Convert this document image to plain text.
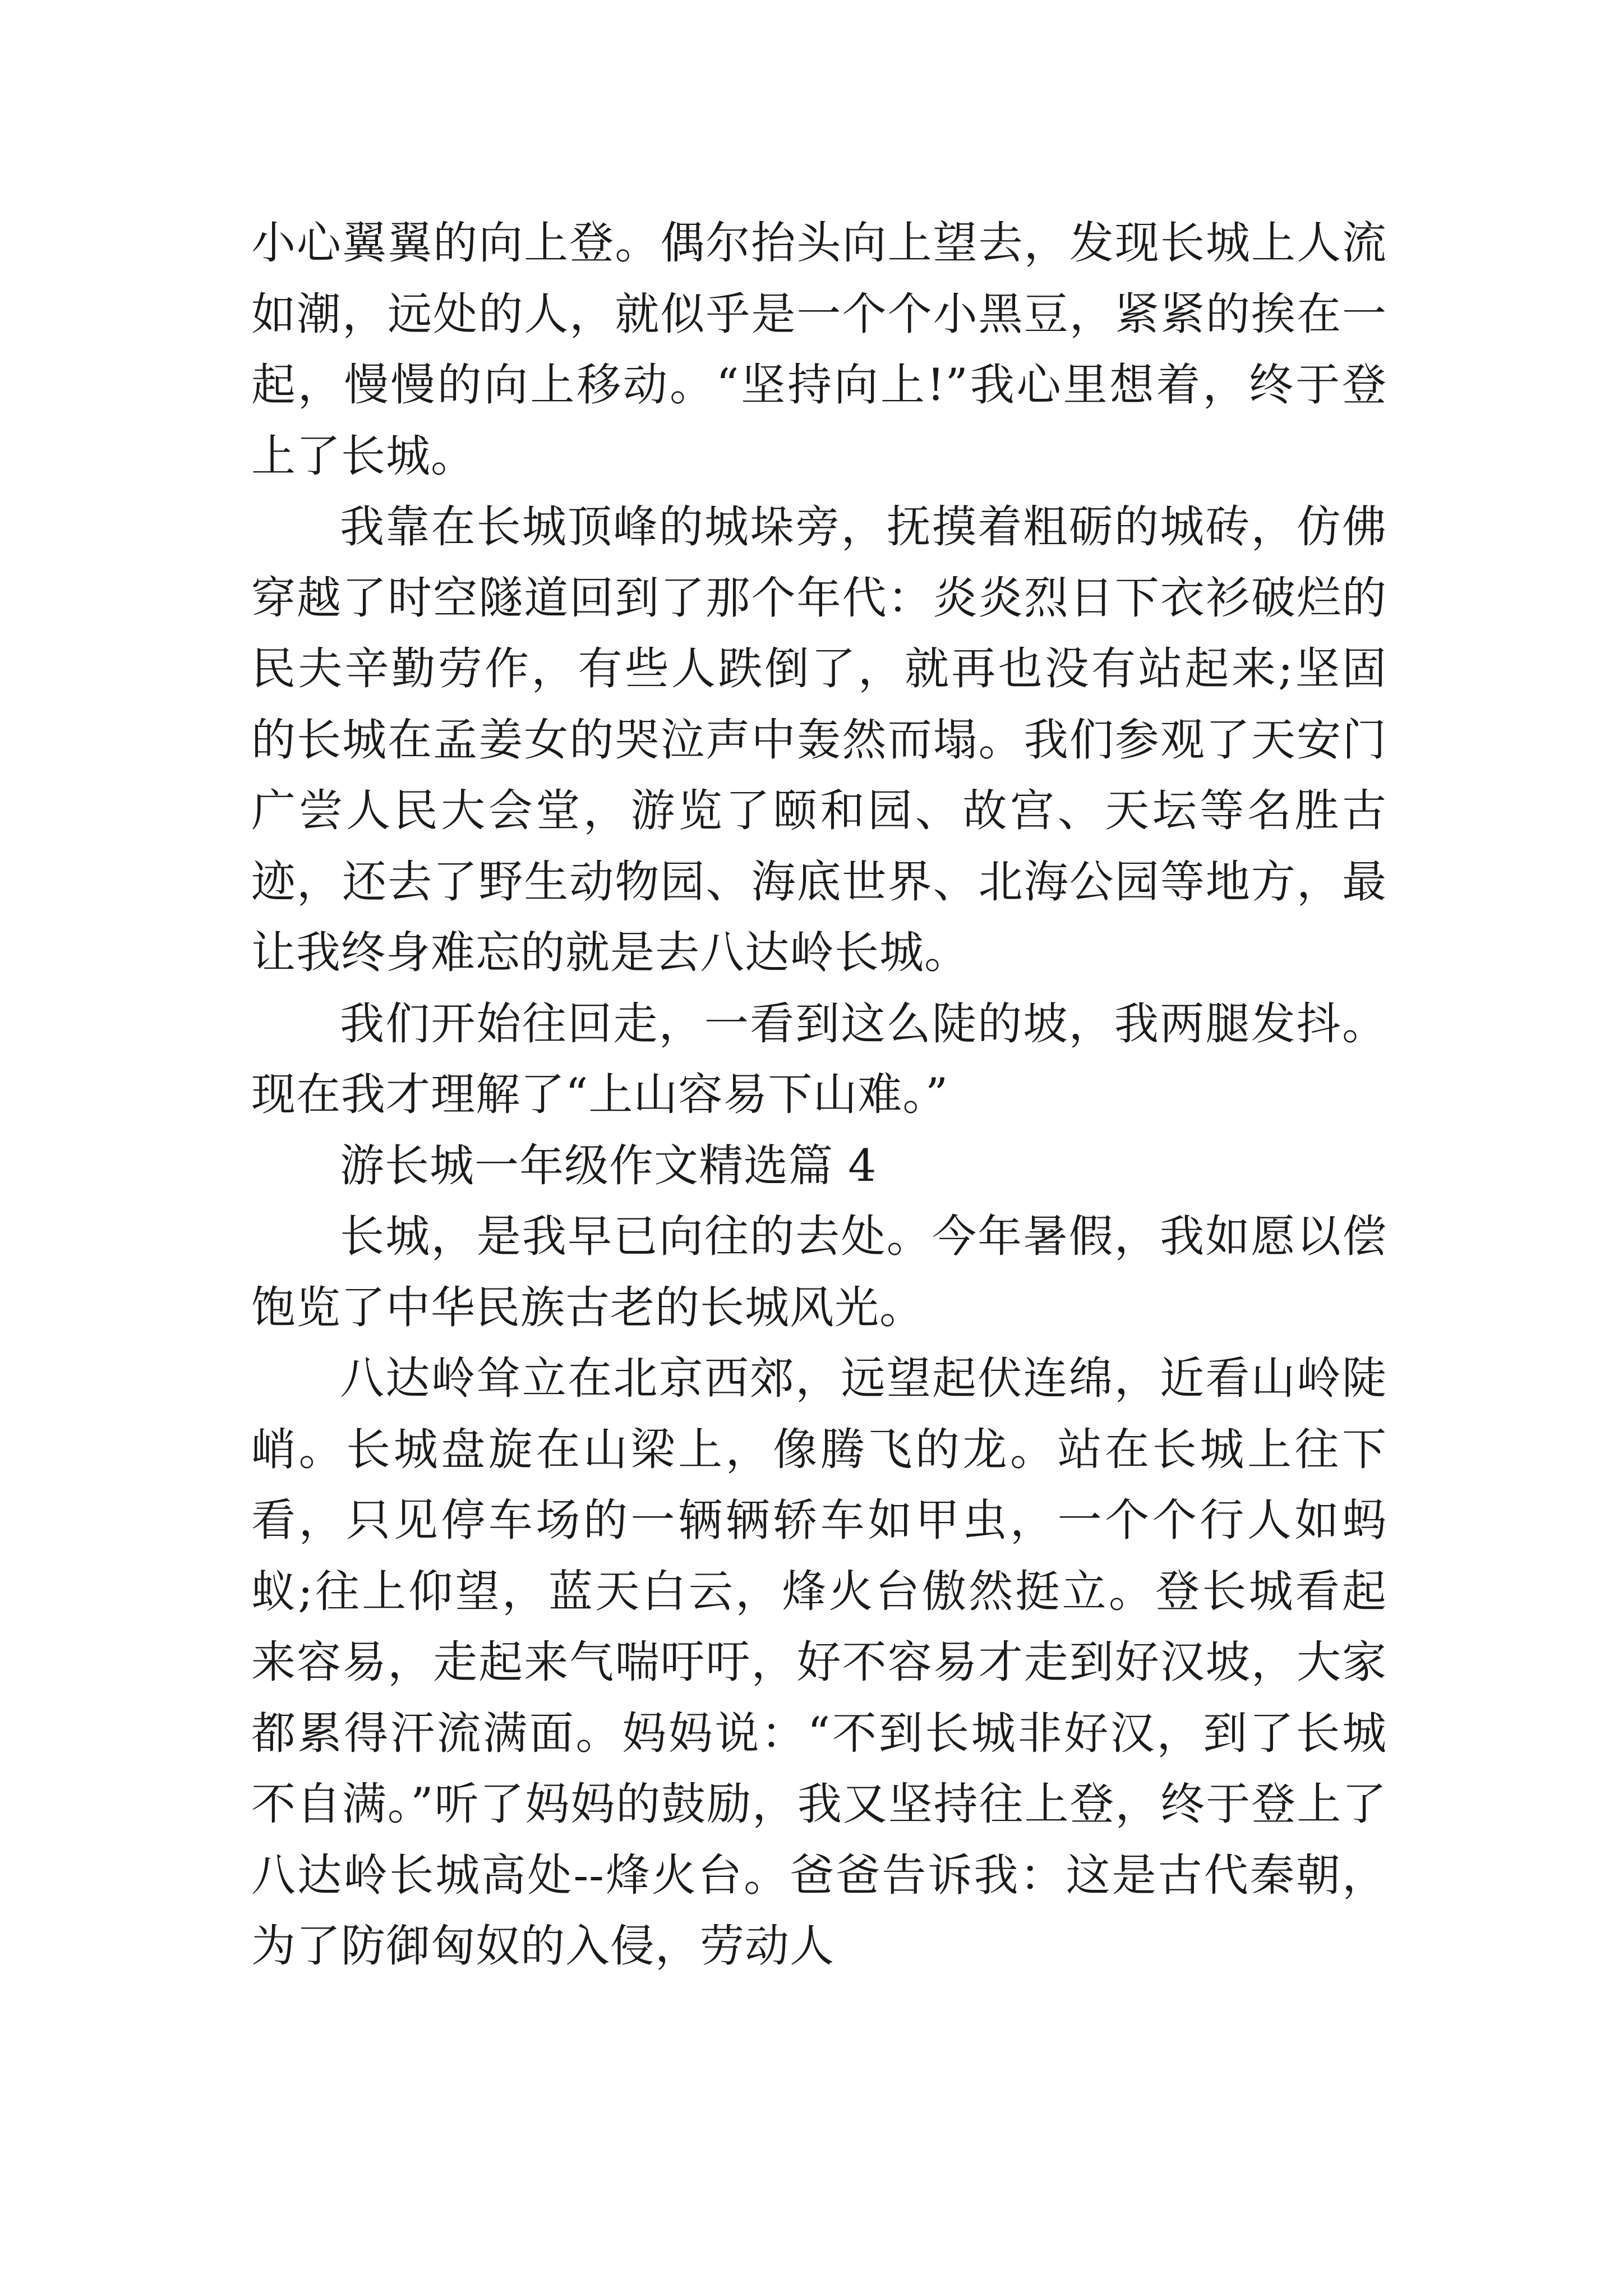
小心翼翼的向上登。偶尔抬头向上望去，发现长城上人流如潮，远处的人，就似乎是一个个小黑豆，紧紧的挨在一起，慢慢的向上移动。“坚持向上!”我心里想着，终于登上了长城。

我靠在长城顶峰的城垛旁，抚摸着粗砺的城砖，仿佛穿越了时空隧道回到了那个年代：炎炎烈日下衣衫破烂的民夫辛勤劳作，有些人跌倒了，就再也没有站起来;坚固的长城在孟姜女的哭泣声中轰然而塌。我们参观了天安门广尝人民大会堂，游览了颐和园、故宫、天坛等名胜古迹，还去了野生动物园、海底世界、北海公园等地方，最让我终身难忘的就是去八达岭长城。

我们开始往回走，一看到这么陡的坡，我两腿发抖。现在我才理解了“上山容易下山难。”

游长城一年级作文精选篇 4

长城，是我早已向往的去处。今年暑假，我如愿以偿饱览了中华民族古老的长城风光。

八达岭耸立在北京西郊，远望起伏连绵，近看山岭陡峭。长城盘旋在山梁上，像腾飞的龙。站在长城上往下看，只见停车场的一辆辆轿车如甲虫，一个个行人如蚂蚁;往上仰望，蓝天白云，烽火台傲然挺立。登长城看起来容易，走起来气喘吁吁，好不容易才走到好汉坡，大家都累得汗流满面。妈妈说：“不到长城非好汉，到了长城不自满。”听了妈妈的鼓励，我又坚持往上登，终于登上了八达岭长城高处--烽火台。爸爸告诉我：这是古代秦朝，为了防御匈奴的入侵，劳动人
